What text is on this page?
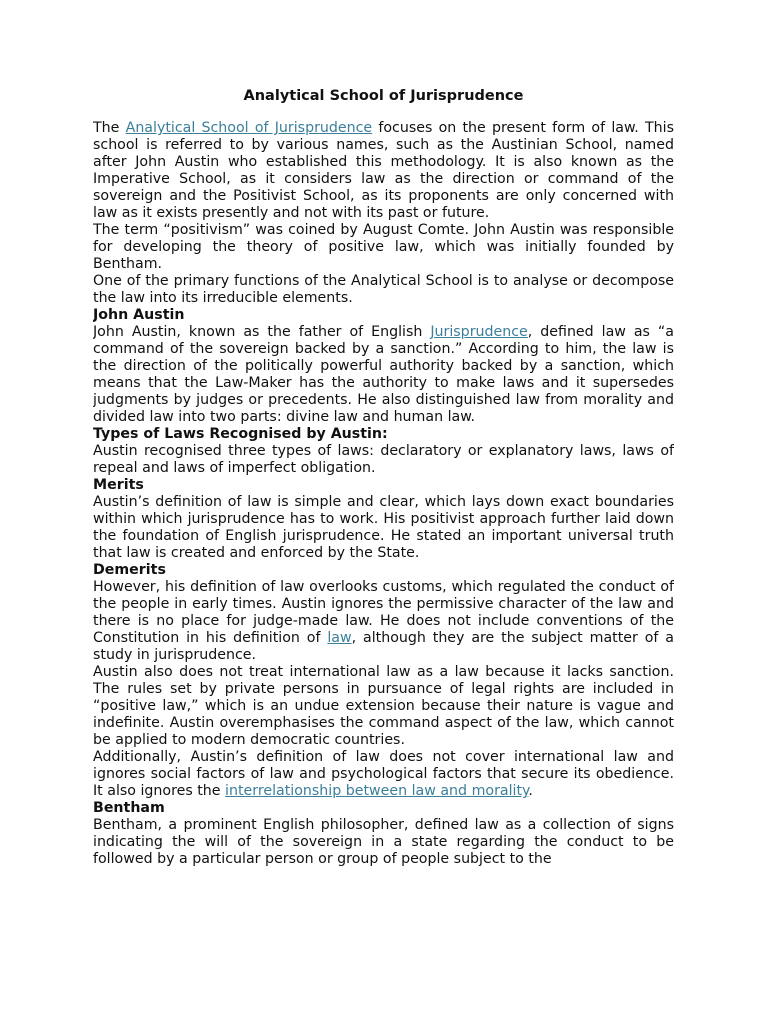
Analytical School of Jurisprudence

The Analytical School of Jurisprudence focuses on the present form of law. This school is referred to by various names, such as the Austinian School, named after John Austin who established this methodology. It is also known as the Imperative School, as it considers law as the direction or command of the sovereign and the Positivist School, as its proponents are only concerned with law as it exists presently and not with its past or future.

The term “positivism” was coined by August Comte. John Austin was responsible for developing the theory of positive law, which was initially founded by Bentham.

One of the primary functions of the Analytical School is to analyse or decompose the law into its irreducible elements.

John Austin

John Austin, known as the father of English Jurisprudence, defined law as “a command of the sovereign backed by a sanction.” According to him, the law is the direction of the politically powerful authority backed by a sanction, which means that the Law-Maker has the authority to make laws and it supersedes judgments by judges or precedents. He also distinguished law from morality and divided law into two parts: divine law and human law.

Types of Laws Recognised by Austin:

Austin recognised three types of laws: declaratory or explanatory laws, laws of repeal and laws of imperfect obligation.

Merits

Austin’s definition of law is simple and clear, which lays down exact boundaries within which jurisprudence has to work. His positivist approach further laid down the foundation of English jurisprudence. He stated an important universal truth that law is created and enforced by the State.

Demerits

However, his definition of law overlooks customs, which regulated the conduct of the people in early times. Austin ignores the permissive character of the law and there is no place for judge-made law. He does not include conventions of the Constitution in his definition of law, although they are the subject matter of a study in jurisprudence.

Austin also does not treat international law as a law because it lacks sanction. The rules set by private persons in pursuance of legal rights are included in “positive law,” which is an undue extension because their nature is vague and indefinite. Austin overemphasises the command aspect of the law, which cannot be applied to modern democratic countries.

Additionally, Austin’s definition of law does not cover international law and ignores social factors of law and psychological factors that secure its obedience. It also ignores the interrelationship between law and morality.

Bentham

Bentham, a prominent English philosopher, defined law as a collection of signs indicating the will of the sovereign in a state regarding the conduct to be followed by a particular person or group of people subject to the
